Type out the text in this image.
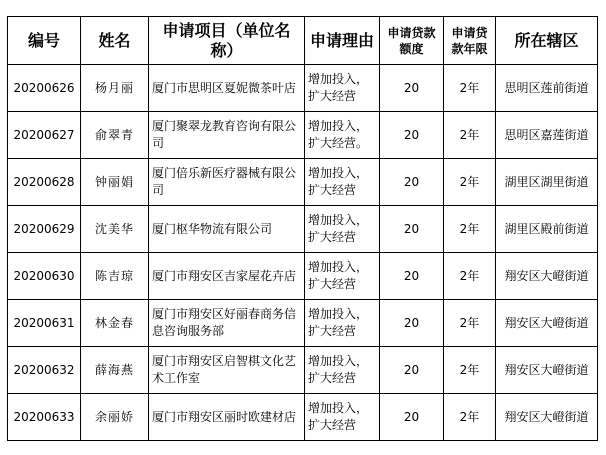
编号	姓名	申请项目（单位名称）	申请理由	申请贷款额度	申请贷款年限	所在辖区
20200626	杨月丽	厦门市思明区夏妮微茶叶店	增加投入，扩大经营	20	2年	思明区莲前街道
20200627	俞翠青	厦门聚翠龙教育咨询有限公司	增加投入，扩大经营。	20	2年	思明区嘉莲街道
20200628	钟丽娟	厦门倍乐新医疗器械有限公司	增加投入，扩大经营	20	2年	湖里区湖里街道
20200629	沈美华	厦门枢华物流有限公司	增加投入，扩大经营	20	2年	湖里区殿前街道
20200630	陈吉琼	厦门市翔安区吉家屋花卉店	增加投入，扩大经营	20	2年	翔安区大嶝街道
20200631	林金春	厦门市翔安区好丽春商务信息咨询服务部	增加投入，扩大经营	20	2年	翔安区大嶝街道
20200632	薛海燕	厦门市翔安区启智棋文化艺术工作室	增加投入，扩大经营	20	2年	翔安区大嶝街道
20200633	余丽娇	厦门市翔安区丽时欧建材店	增加投入，扩大经营	20	2年	翔安区大嶝街道
